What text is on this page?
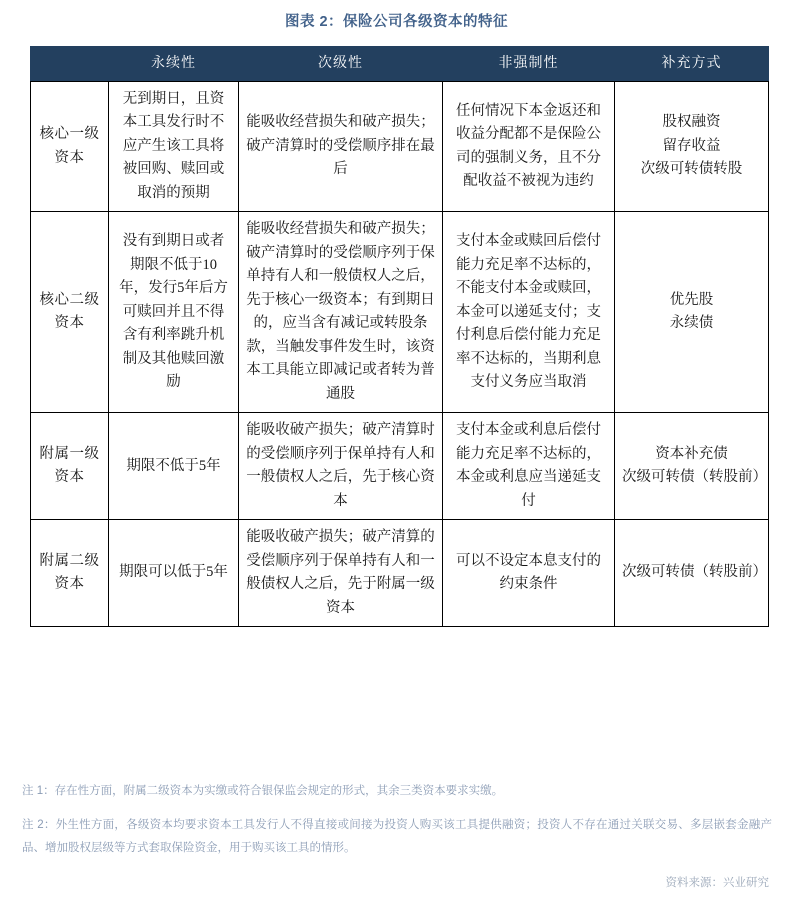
图表 2：保险公司各级资本的特征
	永续性	次级性	非强制性	补充方式
核心一级资本	无到期日，且资本工具发行时不应产生该工具将被回购、赎回或取消的预期	能吸收经营损失和破产损失；破产清算时的受偿顺序排在最后	任何情况下本金返还和收益分配都不是保险公司的强制义务，且不分配收益不被视为违约	股权融资
留存收益
次级可转债转股

核心二级资本	没有到期日或者期限不低于10年，发行5年后方可赎回并且不得含有利率跳升机制及其他赎回激励	能吸收经营损失和破产损失；破产清算时的受偿顺序列于保单持有人和一般债权人之后，先于核心一级资本；有到期日的，应当含有减记或转股条款，当触发事件发生时，该资本工具能立即减记或者转为普通股	支付本金或赎回后偿付能力充足率不达标的，不能支付本金或赎回，本金可以递延支付；支付利息后偿付能力充足率不达标的，当期利息支付义务应当取消	优先股
永续债

附属一级资本	期限不低于5年	能吸收破产损失；破产清算时的受偿顺序列于保单持有人和一般债权人之后，先于核心资本	支付本金或利息后偿付能力充足率不达标的，本金或利息应当递延支付	资本补充债
次级可转债（转股前）

附属二级资本	期限可以低于5年	能吸收破产损失；破产清算的受偿顺序列于保单持有人和一般债权人之后，先于附属一级资本	可以不设定本息支付的约束条件	次级可转债（转股前）
注 1：存在性方面，附属二级资本为实缴或符合银保监会规定的形式，其余三类资本要求实缴。
注 2：外生性方面，各级资本均要求资本工具发行人不得直接或间接为投资人购买该工具提供融资；投资人不存在通过关联交易、多层嵌套金融产品、增加股权层级等方式套取保险资金，用于购买该工具的情形。
资料来源：兴业研究
